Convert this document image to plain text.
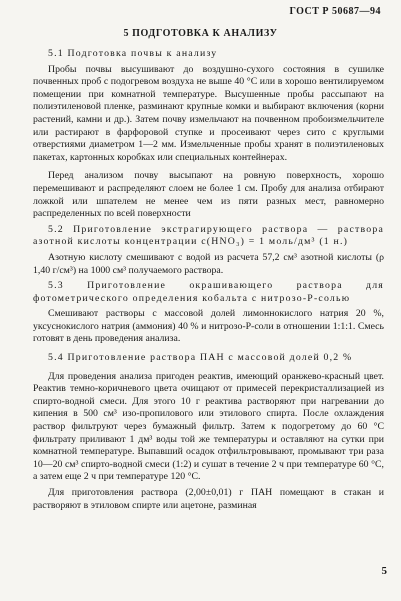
ГОСТ Р 50687—94
5 ПОДГОТОВКА К АНАЛИЗУ

5.1 Подготовка почвы к анализу

Пробы почвы высушивают до воздушно-сухого состояния в сушилке почвенных проб с подогревом воздуха не выше 40 °C или в хорошо вентилируемом помещении при комнатной температуре. Высушенные пробы рассыпают на полиэтиленовой пленке, разминают крупные комки и выбирают включения (корни растений, камни и др.). Затем почву измельчают на почвенном пробоизмельчителе или растирают в фарфоровой ступке и просеивают через сито с круглыми отверстиями диаметром 1—2 мм. Измельченные пробы хранят в полиэтиленовых пакетах, картонных коробках или специальных контейнерах.

Перед анализом почву высыпают на ровную поверхность, хорошо перемешивают и распределяют слоем не более 1 см. Пробу для анализа отбирают ложкой или шпателем не менее чем из пяти разных мест, равномерно распределенных по всей поверхности

5.2 Приготовление экстрагирующего раствора — раствора азотной кислоты концентрации c(HNO₃) = 1 моль/дм³ (1 н.)

Азотную кислоту смешивают с водой из расчета 57,2 см³ азотной кислоты (ρ 1,40 г/см³) на 1000 см³ получаемого раствора.

5.3 Приготовление окрашивающего раствора для фотометрического определения кобальта с нитрозо-Р-солью

Смешивают растворы с массовой долей лимоннокислого натрия 20 %, уксуснокислого натрия (аммония) 40 % и нитрозо-Р-соли в отношении 1:1:1. Смесь готовят в день проведения анализа.

5.4 Приготовление раствора ПАН с массовой долей 0,2 %

Для проведения анализа пригоден реактив, имеющий оранжево-красный цвет. Реактив темно-коричневого цвета очищают от примесей перекристаллизацией из спирто-водной смеси. Для этого 10 г реактива растворяют при нагревании до кипения в 500 см³ изо-пропилового или этилового спирта. После охлаждения раствор фильтруют через бумажный фильтр. Затем к подогретому до 60 °C фильтрату приливают 1 дм³ воды той же температуры и оставляют на сутки при комнатной температуре. Выпавший осадок отфильтровывают, промывают три раза 10—20 см³ спирто-водной смеси (1:2) и сушат в течение 2 ч при температуре 60 °C, а затем еще 2 ч при температуре 120 °C.

Для приготовления раствора (2,00±0,01) г ПАН помещают в стакан и растворяют в этиловом спирте или ацетоне, разминая

5
